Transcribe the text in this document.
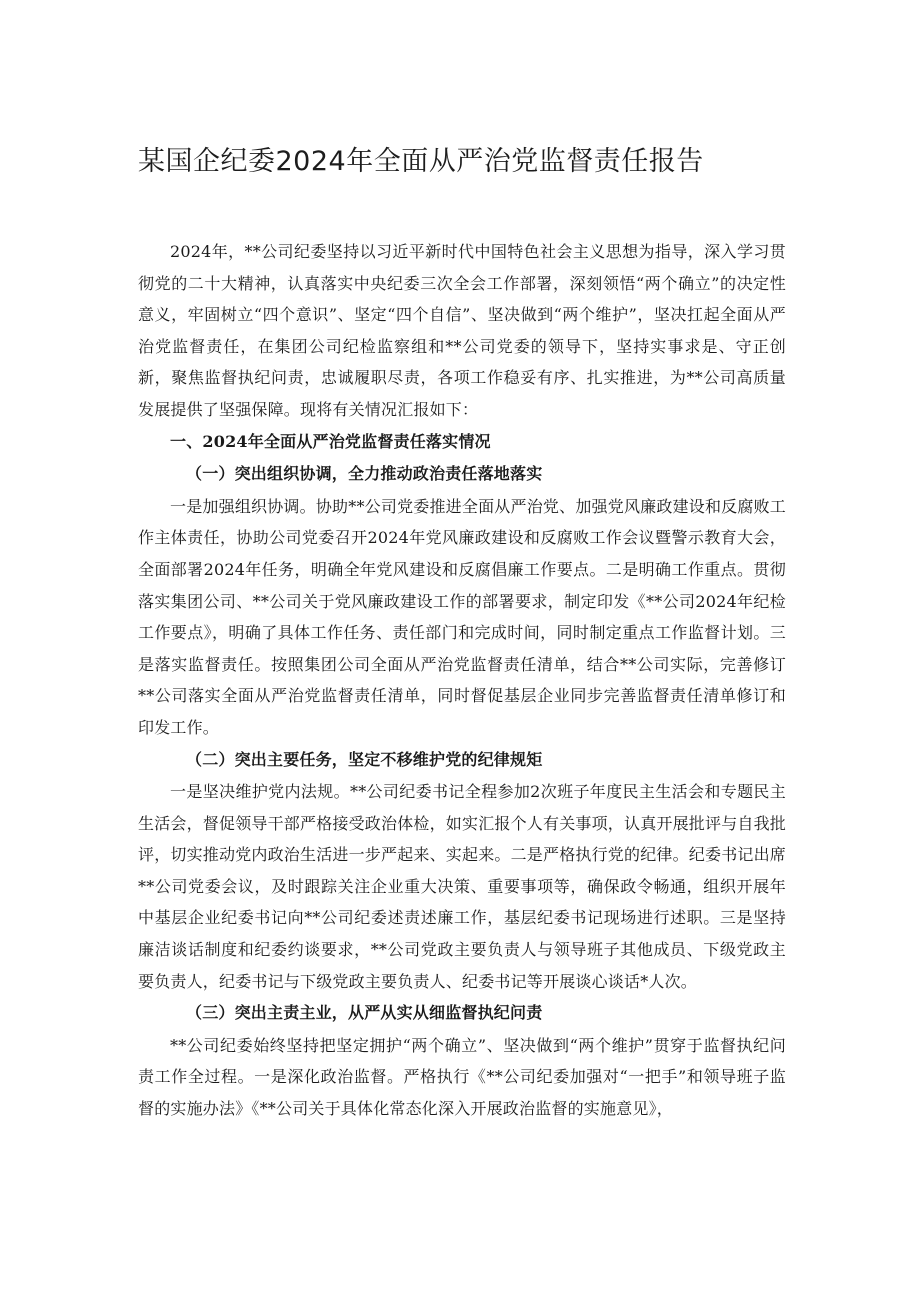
某国企纪委2024年全面从严治党监督责任报告

2024年，**公司纪委坚持以习近平新时代中国特色社会主义思想为指导，深入学习贯彻党的二十大精神，认真落实中央纪委三次全会工作部署，深刻领悟“两个确立”的决定性意义，牢固树立“四个意识”、坚定“四个自信”、坚决做到“两个维护”，坚决扛起全面从严治党监督责任，在集团公司纪检监察组和**公司党委的领导下，坚持实事求是、守正创新，聚焦监督执纪问责，忠诚履职尽责，各项工作稳妥有序、扎实推进，为**公司高质量发展提供了坚强保障。现将有关情况汇报如下：

一、2024年全面从严治党监督责任落实情况

（一）突出组织协调，全力推动政治责任落地落实

一是加强组织协调。协助**公司党委推进全面从严治党、加强党风廉政建设和反腐败工作主体责任，协助公司党委召开2024年党风廉政建设和反腐败工作会议暨警示教育大会，全面部署2024年任务，明确全年党风建设和反腐倡廉工作要点。二是明确工作重点。贯彻落实集团公司、**公司关于党风廉政建设工作的部署要求，制定印发《**公司2024年纪检工作要点》，明确了具体工作任务、责任部门和完成时间，同时制定重点工作监督计划。三是落实监督责任。按照集团公司全面从严治党监督责任清单，结合**公司实际，完善修订**公司落实全面从严治党监督责任清单，同时督促基层企业同步完善监督责任清单修订和印发工作。

（二）突出主要任务，坚定不移维护党的纪律规矩

一是坚决维护党内法规。**公司纪委书记全程参加2次班子年度民主生活会和专题民主生活会，督促领导干部严格接受政治体检，如实汇报个人有关事项，认真开展批评与自我批评，切实推动党内政治生活进一步严起来、实起来。二是严格执行党的纪律。纪委书记出席**公司党委会议，及时跟踪关注企业重大决策、重要事项等，确保政令畅通，组织开展年中基层企业纪委书记向**公司纪委述责述廉工作，基层纪委书记现场进行述职。三是坚持廉洁谈话制度和纪委约谈要求，**公司党政主要负责人与领导班子其他成员、下级党政主要负责人，纪委书记与下级党政主要负责人、纪委书记等开展谈心谈话*人次。

（三）突出主责主业，从严从实从细监督执纪问责

**公司纪委始终坚持把坚定拥护“两个确立”、坚决做到“两个维护”贯穿于监督执纪问责工作全过程。一是深化政治监督。严格执行《**公司纪委加强对“一把手”和领导班子监督的实施办法》《**公司关于具体化常态化深入开展政治监督的实施意见》，
